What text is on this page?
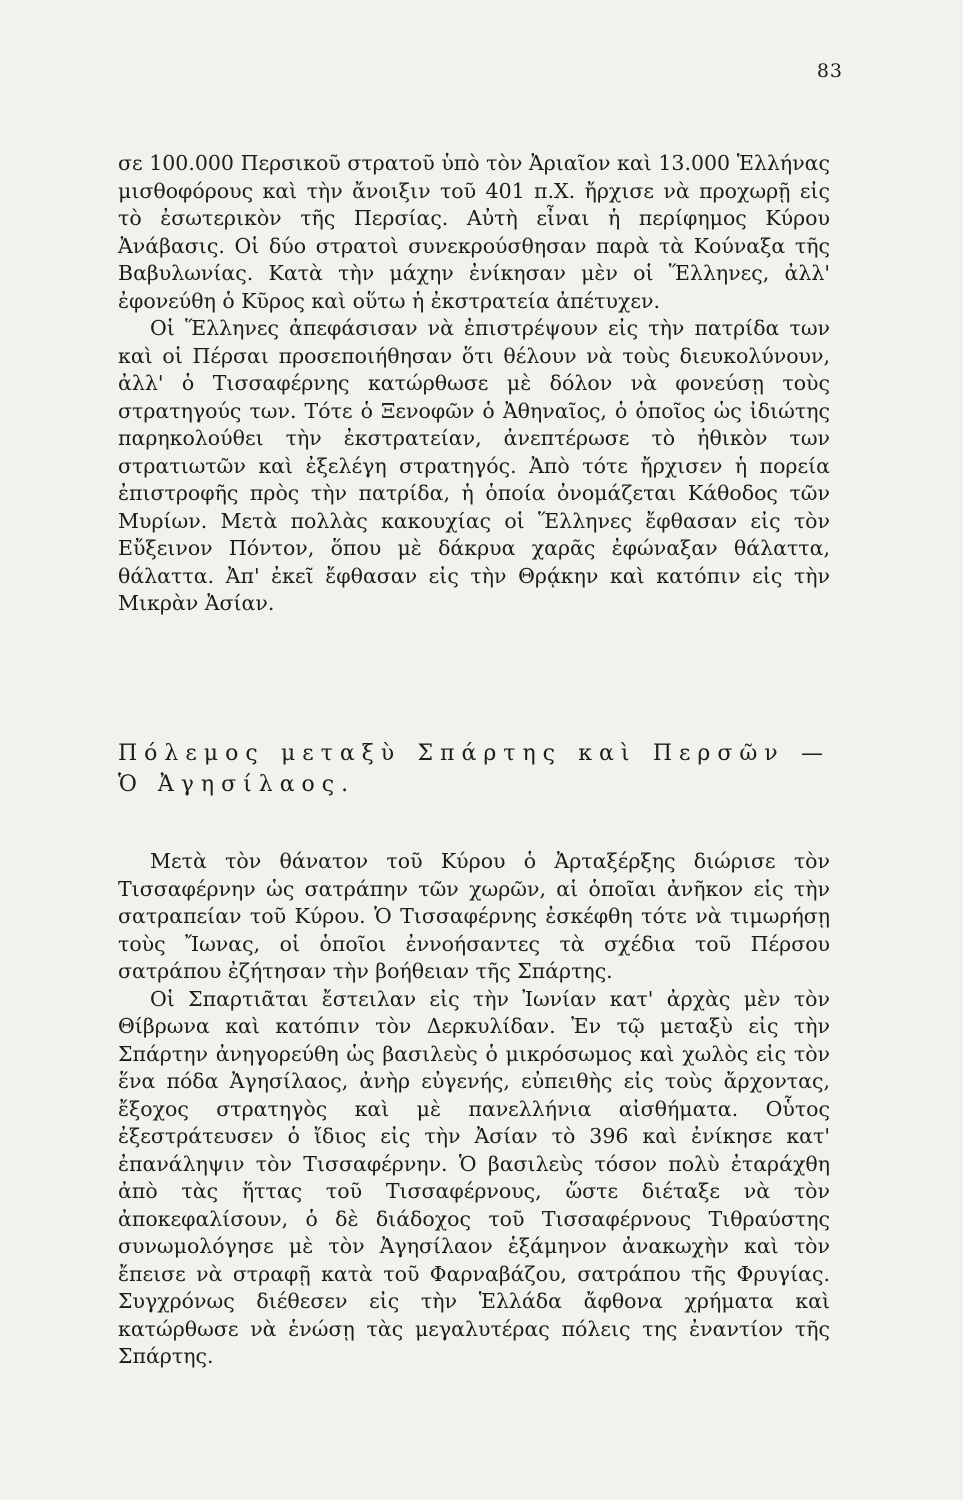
83

σε 100.000 Περσικοῦ στρατοῦ ὑπὸ τὸν Ἀριαῖον καὶ 13.000 Ἑλλήνας μισθοφόρους καὶ τὴν ἄνοιξιν τοῦ 401 π.Χ. ἤρχισε νὰ προχωρῇ εἰς τὸ ἐσωτερικὸν τῆς Περσίας. Αὐτὴ εἶναι ἡ περίφημος Κύρου Ἀνάβασις. Οἱ δύο στρατοὶ συνεκρούσθησαν παρὰ τὰ Κούναξα τῆς Βαβυλωνίας. Κατὰ τὴν μάχην ἐνίκησαν μὲν οἱ Ἕλληνες, ἀλλ' ἐφονεύθη ὁ Κῦρος καὶ οὕτω ἡ ἐκστρατεία ἀπέτυχεν.

Οἱ Ἕλληνες ἀπεφάσισαν νὰ ἐπιστρέψουν εἰς τὴν πατρίδα των καὶ οἱ Πέρσαι προσεποιήθησαν ὅτι θέλουν νὰ τοὺς διευκολύνουν, ἀλλ' ὁ Τισσαφέρνης κατώρθωσε μὲ δόλον νὰ φονεύσῃ τοὺς στρατηγούς των. Τότε ὁ Ξενοφῶν ὁ Ἀθηναῖος, ὁ ὁποῖος ὡς ἰδιώτης παρηκολούθει τὴν ἐκστρατείαν, ἀνεπτέρωσε τὸ ἠθικὸν των στρατιωτῶν καὶ ἐξελέγη στρατηγός. Ἀπὸ τότε ἤρχισεν ἡ πορεία ἐπιστροφῆς πρὸς τὴν πατρίδα, ἡ ὁποία ὀνομάζεται Κάθοδος τῶν Μυρίων. Μετὰ πολλὰς κακουχίας οἱ Ἕλληνες ἔφθασαν εἰς τὸν Εὔξεινον Πόντον, ὅπου μὲ δάκρυα χαρᾶς ἐφώναξαν θάλαττα, θάλαττα. Ἀπ' ἐκεῖ ἔφθασαν εἰς τὴν Θρᾴκην καὶ κατόπιν εἰς τὴν Μικρὰν Ἀσίαν.

Πόλεμος μεταξὺ Σπάρτης καὶ Περσῶν — Ὁ Ἀγησίλαος.

Μετὰ τὸν θάνατον τοῦ Κύρου ὁ Ἀρταξέρξης διώρισε τὸν Τισσαφέρνην ὡς σατράπην τῶν χωρῶν, αἱ ὁποῖαι ἀνῆκον εἰς τὴν σατραπείαν τοῦ Κύρου. Ὁ Τισσαφέρνης ἐσκέφθη τότε νὰ τιμωρήσῃ τοὺς Ἴωνας, οἱ ὁποῖοι ἐννοήσαντες τὰ σχέδια τοῦ Πέρσου σατράπου ἐζήτησαν τὴν βοήθειαν τῆς Σπάρτης.

Οἱ Σπαρτιᾶται ἔστειλαν εἰς τὴν Ἰωνίαν κατ' ἀρχὰς μὲν τὸν Θίβρωνα καὶ κατόπιν τὸν Δερκυλίδαν. Ἐν τῷ μεταξὺ εἰς τὴν Σπάρτην ἀνηγορεύθη ὡς βασιλεὺς ὁ μικρόσωμος καὶ χωλὸς εἰς τὸν ἕνα πόδα Ἀγησίλαος, ἀνὴρ εὐγενής, εὐπειθὴς εἰς τοὺς ἄρχοντας, ἔξοχος στρατηγὸς καὶ μὲ πανελλήνια αἰσθήματα. Οὗτος ἐξεστράτευσεν ὁ ἴδιος εἰς τὴν Ἀσίαν τὸ 396 καὶ ἐνίκησε κατ' ἐπανάληψιν τὸν Τισσαφέρνην. Ὁ βασιλεὺς τόσον πολὺ ἐταράχθη ἀπὸ τὰς ἥττας τοῦ Τισσαφέρνους, ὥστε διέταξε νὰ τὸν ἀποκεφαλίσουν, ὁ δὲ διάδοχος τοῦ Τισσαφέρνους Τιθραύστης συνωμολόγησε μὲ τὸν Ἀγησίλαον ἑξάμηνον ἀνακωχὴν καὶ τὸν ἔπεισε νὰ στραφῇ κατὰ τοῦ Φαρναβάζου, σατράπου τῆς Φρυγίας. Συγχρόνως διέθεσεν εἰς τὴν Ἑλλάδα ἄφθονα χρήματα καὶ κατώρθωσε νὰ ἑνώσῃ τὰς μεγαλυτέρας πόλεις της ἐναντίον τῆς Σπάρτης.
